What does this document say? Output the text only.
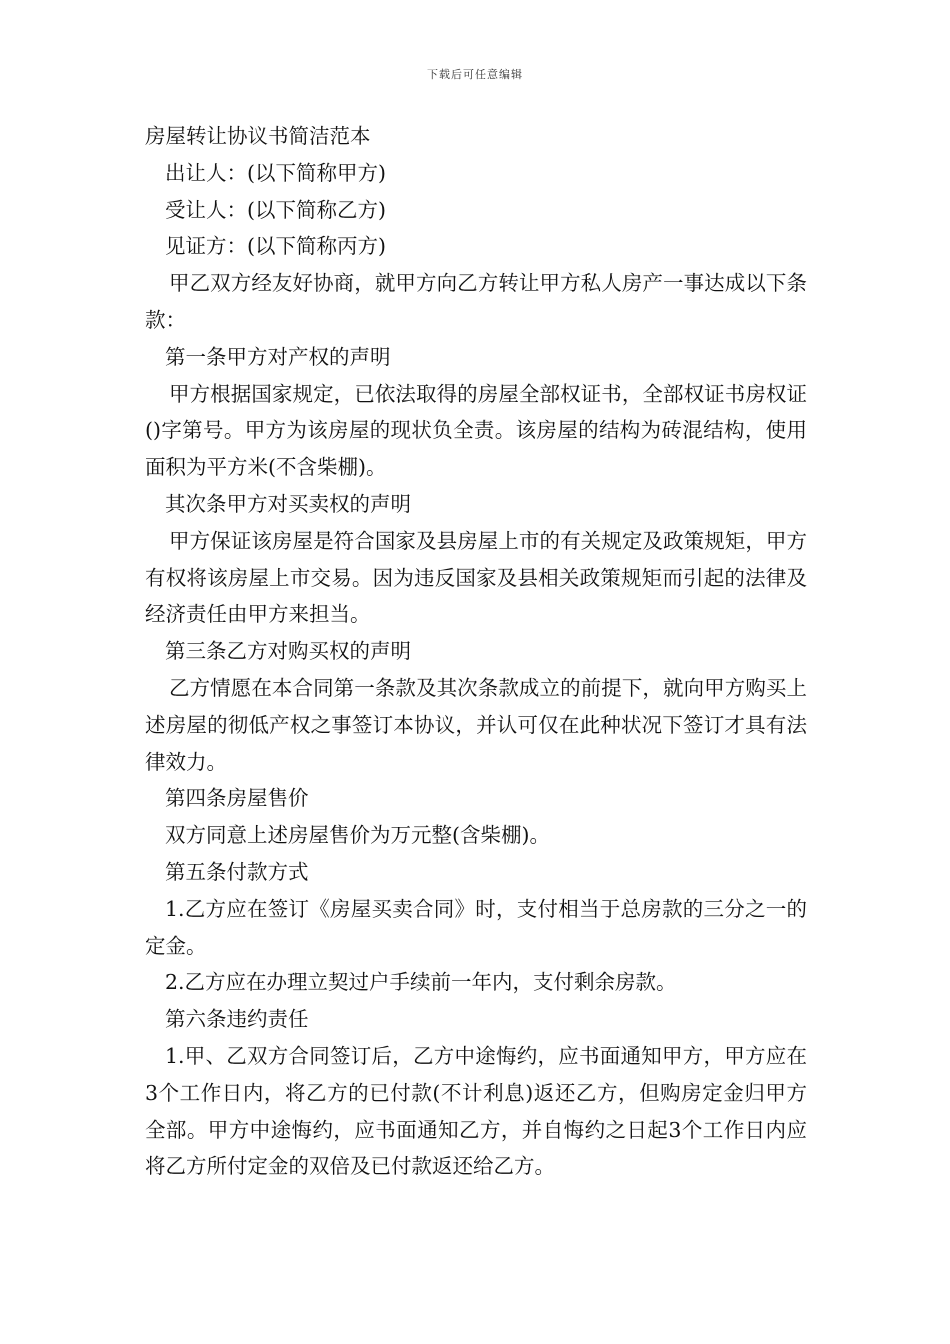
下载后可任意编辑

房屋转让协议书简洁范本

出让人：(以下简称甲方)

受让人：(以下简称乙方)

见证方：(以下简称丙方)

甲乙双方经友好协商，就甲方向乙方转让甲方私人房产一事达成以下条款：

第一条甲方对产权的声明

甲方根据国家规定，已依法取得的房屋全部权证书，全部权证书房权证()字第号。甲方为该房屋的现状负全责。该房屋的结构为砖混结构，使用面积为平方米(不含柴棚)。

其次条甲方对买卖权的声明

甲方保证该房屋是符合国家及县房屋上市的有关规定及政策规矩，甲方有权将该房屋上市交易。因为违反国家及县相关政策规矩而引起的法律及经济责任由甲方来担当。

第三条乙方对购买权的声明

乙方情愿在本合同第一条款及其次条款成立的前提下，就向甲方购买上述房屋的彻低产权之事签订本协议，并认可仅在此种状况下签订才具有法律效力。

第四条房屋售价

双方同意上述房屋售价为万元整(含柴棚)。

第五条付款方式

1.乙方应在签订《房屋买卖合同》时，支付相当于总房款的三分之一的定金。

2.乙方应在办理立契过户手续前一年内，支付剩余房款。

第六条违约责任

1.甲、乙双方合同签订后，乙方中途悔约，应书面通知甲方，甲方应在3个工作日内，将乙方的已付款(不计利息)返还乙方，但购房定金归甲方全部。甲方中途悔约，应书面通知乙方，并自悔约之日起3个工作日内应将乙方所付定金的双倍及已付款返还给乙方。
